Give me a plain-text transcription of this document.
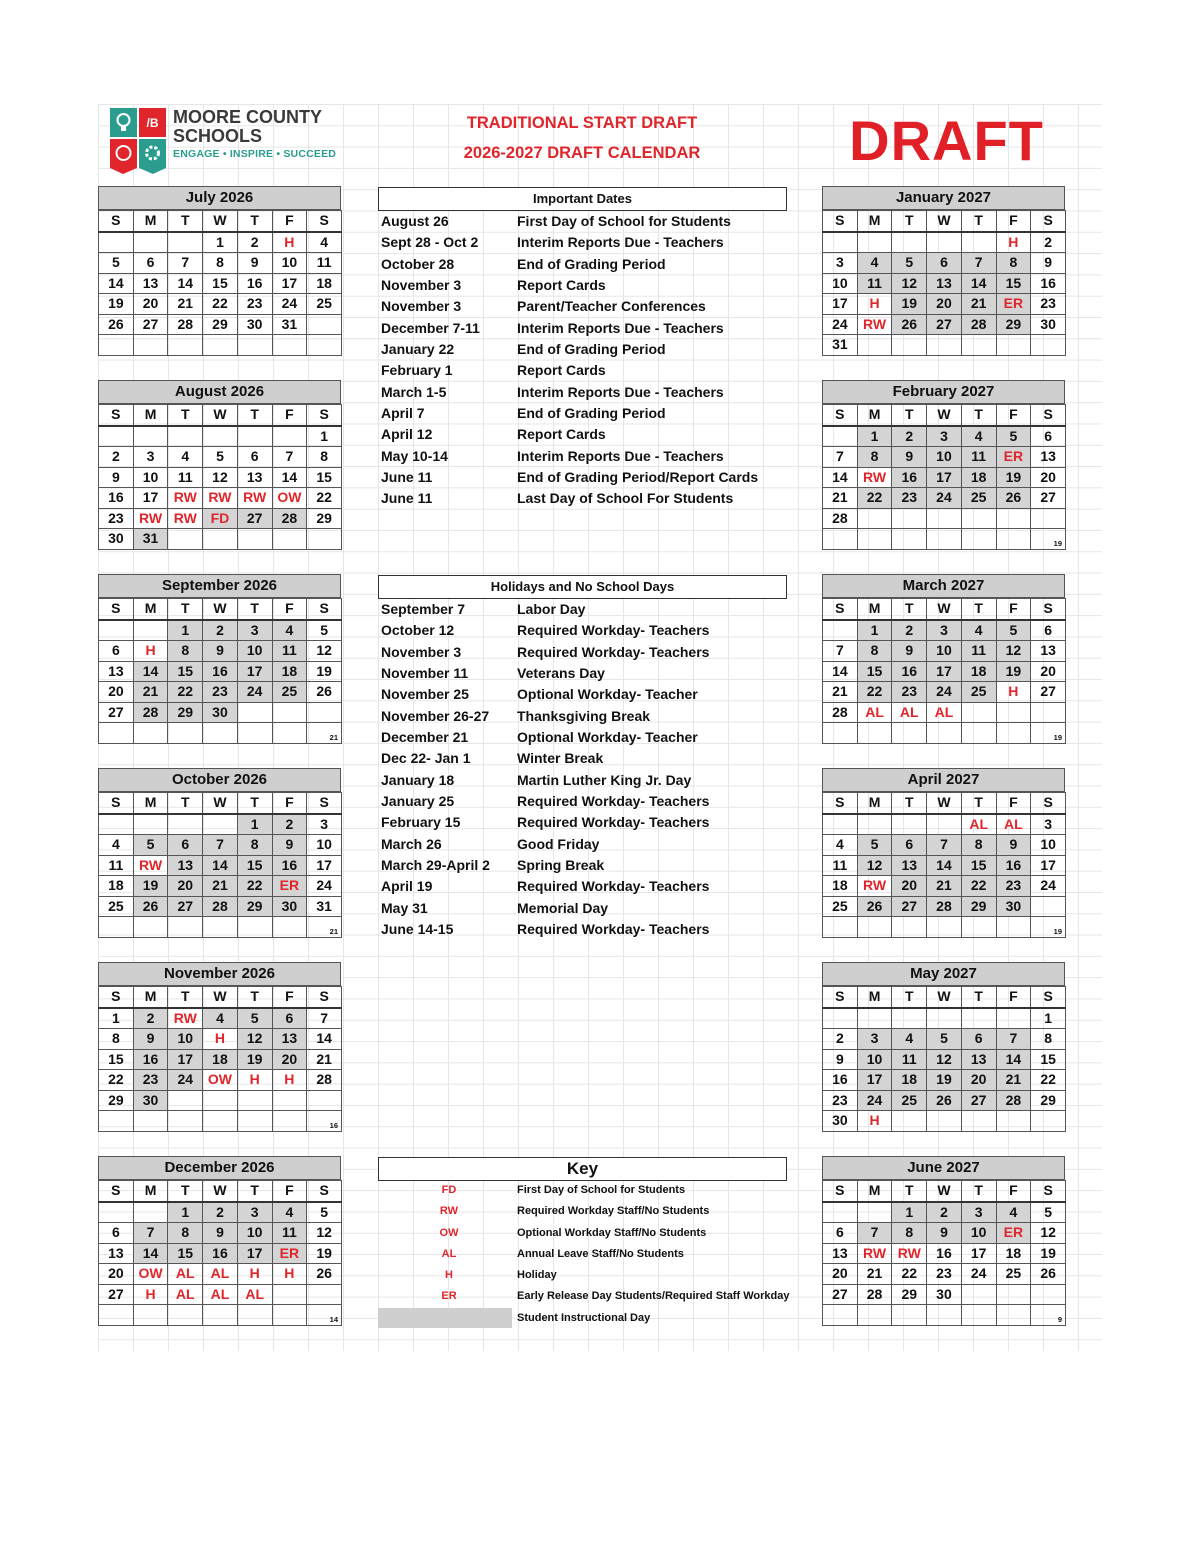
/B MOORE COUNTY SCHOOLS
ENGAGE • INSPIRE • SUCCEED
TRADITIONAL START DRAFT
2026-2027 DRAFT CALENDAR	DRAFT
July 2026
S	M	T	W	T	F	S
			1	2	H	4
5	6	7	8	9	10	11
14	13	14	15	16	17	18
19	20	21	22	23	24	25
26	27	28	29	30	31	

August 2026
S	M	T	W	T	F	S
						1
2	3	4	5	6	7	8
9	10	11	12	13	14	15
16	17	RW	RW	RW	OW	22
23	RW	RW	FD	27	28	29
30	31					
September 2026
S	M	T	W	T	F	S
		1	2	3	4	5
6	H	8	9	10	11	12
13	14	15	16	17	18	19
20	21	22	23	24	25	26
27	28	29	30			
						21
October 2026
S	M	T	W	T	F	S
				1	2	3
4	5	6	7	8	9	10
11	RW	13	14	15	16	17
18	19	20	21	22	ER	24
25	26	27	28	29	30	31
						21
November 2026
S	M	T	W	T	F	S
1	2	RW	4	5	6	7
8	9	10	H	12	13	14
15	16	17	18	19	20	21
22	23	24	OW	H	H	28
29	30					
						16
December 2026
S	M	T	W	T	F	S
		1	2	3	4	5
6	7	8	9	10	11	12
13	14	15	16	17	ER	19
20	OW	AL	AL	H	H	26
27	H	AL	AL	AL		
						14
January 2027
S	M	T	W	T	F	S
					H	2
3	4	5	6	7	8	9
10	11	12	13	14	15	16
17	H	19	20	21	ER	23
24	RW	26	27	28	29	30
31						
February 2027
S	M	T	W	T	F	S
	1	2	3	4	5	6
7	8	9	10	11	ER	13
14	RW	16	17	18	19	20
21	22	23	24	25	26	27
28						
						19
March 2027
S	M	T	W	T	F	S
	1	2	3	4	5	6
7	8	9	10	11	12	13
14	15	16	17	18	19	20
21	22	23	24	25	H	27
28	AL	AL	AL			
						19
April 2027
S	M	T	W	T	F	S
				AL	AL	3
4	5	6	7	8	9	10
11	12	13	14	15	16	17
18	RW	20	21	22	23	24
25	26	27	28	29	30	
						19
May 2027
S	M	T	W	T	F	S
						1
2	3	4	5	6	7	8
9	10	11	12	13	14	15
16	17	18	19	20	21	22
23	24	25	26	27	28	29
30	H					
June 2027
S	M	T	W	T	F	S
		1	2	3	4	5
6	7	8	9	10	ER	12
13	RW	RW	16	17	18	19
20	21	22	23	24	25	26
27	28	29	30			
						9
Important Dates
August 26	First Day of School for Students
Sept 28 - Oct 2	Interim Reports Due - Teachers
October 28	End of Grading Period
November 3	Report Cards
November 3	Parent/Teacher Conferences
December 7-11	Interim Reports Due - Teachers
January 22	End of Grading Period
February 1	Report Cards
March 1-5	Interim Reports Due - Teachers
April 7	End of Grading Period
April 12	Report Cards
May 10-14	Interim Reports Due - Teachers
June 11	End of Grading Period/Report Cards
June 11	Last Day of School For Students
Holidays and No School Days
September 7	Labor Day
October 12	Required Workday- Teachers
November 3	Required Workday- Teachers
November 11	Veterans Day
November 25	Optional Workday- Teacher
November 26-27 Thanksgiving Break
December 21	Optional Workday- Teacher
Dec 22- Jan 1	Winter Break
January 18	Martin Luther King Jr. Day
January 25	Required Workday- Teachers
February 15	Required Workday- Teachers
March 26	Good Friday
March 29-April 2 Spring Break
April 19	Required Workday- Teachers
May 31	Memorial Day
June 14-15	Required Workday- Teachers
Key
FD	First Day of School for Students
RW	Required Workday Staff/No Students
OW	Optional Workday Staff/No Students
AL	Annual Leave Staff/No Students
H	Holiday
ER	Early Release Day Students/Required Staff Workday
Student Instructional Day
